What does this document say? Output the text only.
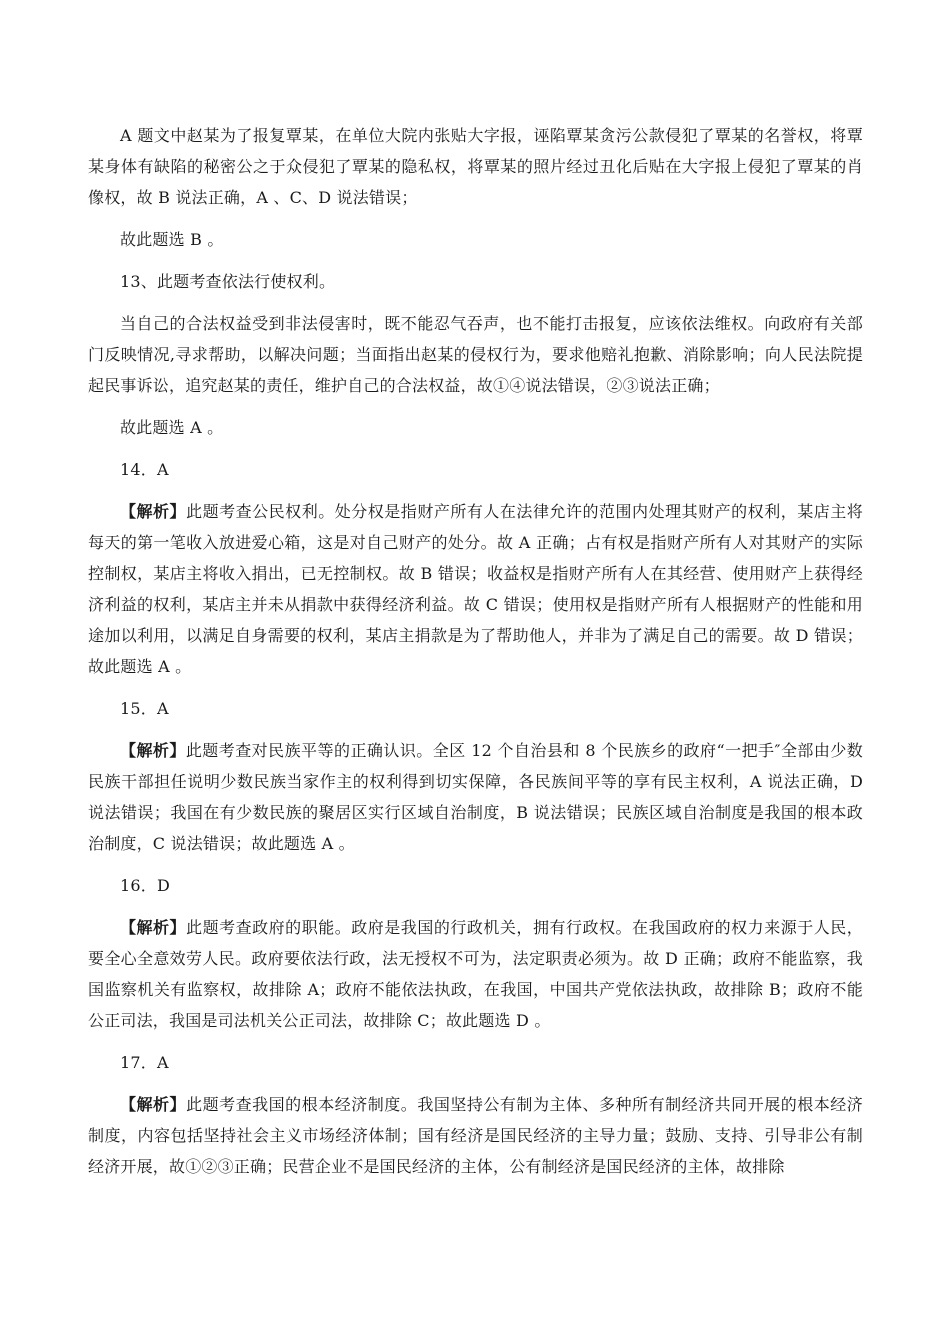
A 题文中赵某为了报复覃某，在单位大院内张贴大字报，诬陷覃某贪污公款侵犯了覃某的名誉权，将覃某身体有缺陷的秘密公之于众侵犯了覃某的隐私权，将覃某的照片经过丑化后贴在大字报上侵犯了覃某的肖像权，故 B 说法正确，A 、C、D 说法错误；

故此题选 B 。

13、此题考查依法行使权利。

当自己的合法权益受到非法侵害时，既不能忍气吞声，也不能打击报复，应该依法维权。向政府有关部门反映情况,寻求帮助，以解决问题；当面指出赵某的侵权行为，要求他赔礼抱歉、消除影响；向人民法院提起民事诉讼，追究赵某的责任，维护自己的合法权益，故①④说法错误，②③说法正确；

故此题选 A 。

14．A

【解析】此题考查公民权利。处分权是指财产所有人在法律允许的范围内处理其财产的权利，某店主将每天的第一笔收入放进爱心箱，这是对自己财产的处分。故 A 正确；占有权是指财产所有人对其财产的实际控制权，某店主将收入捐出，已无控制权。故 B 错误；收益权是指财产所有人在其经营、使用财产上获得经济利益的权利，某店主并未从捐款中获得经济利益。故 C 错误；使用权是指财产所有人根据财产的性能和用途加以利用，以满足自身需要的权利，某店主捐款是为了帮助他人，并非为了满足自己的需要。故 D 错误；故此题选 A 。

15．A

【解析】此题考查对民族平等的正确认识。全区 12 个自治县和 8 个民族乡的政府“一把手″全部由少数民族干部担任说明少数民族当家作主的权利得到切实保障，各民族间平等的享有民主权利，A 说法正确，D 说法错误；我国在有少数民族的聚居区实行区域自治制度，B 说法错误；民族区域自治制度是我国的根本政治制度，C 说法错误；故此题选 A 。

16．D

【解析】此题考查政府的职能。政府是我国的行政机关，拥有行政权。在我国政府的权力来源于人民，要全心全意效劳人民。政府要依法行政，法无授权不可为，法定职责必须为。故 D 正确；政府不能监察，我国监察机关有监察权，故排除 A；政府不能依法执政，在我国，中国共产党依法执政，故排除 B；政府不能公正司法，我国是司法机关公正司法，故排除 C；故此题选 D 。

17．A

【解析】此题考查我国的根本经济制度。我国坚持公有制为主体、多种所有制经济共同开展的根本经济制度，内容包括坚持社会主义市场经济体制；国有经济是国民经济的主导力量；鼓励、支持、引导非公有制经济开展，故①②③正确；民营企业不是国民经济的主体，公有制经济是国民经济的主体，故排除
